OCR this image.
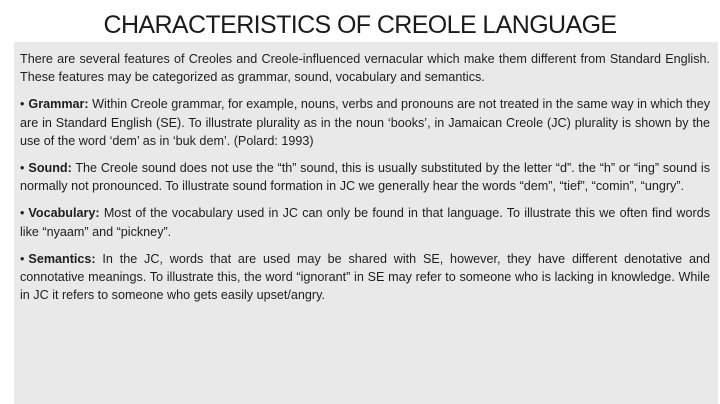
CHARACTERISTICS OF CREOLE LANGUAGE

There are several features of Creoles and Creole-influenced vernacular which make them different from Standard English. These features may be categorized as grammar, sound, vocabulary and semantics.

• Grammar: Within Creole grammar, for example, nouns, verbs and pronouns are not treated in the same way in which they are in Standard English (SE). To illustrate plurality as in the noun ‘books’, in Jamaican Creole (JC) plurality is shown by the use of the word ‘dem’ as in ‘buk dem’. (Polard: 1993)

• Sound: The Creole sound does not use the “th” sound, this is usually substituted by the letter “d”. the “h” or “ing” sound is normally not pronounced. To illustrate sound formation in JC we generally hear the words “dem”, “tief”, “comin”, “ungry”.

• Vocabulary: Most of the vocabulary used in JC can only be found in that language. To illustrate this we often find words like “nyaam” and “pickney”.

• Semantics: In the JC, words that are used may be shared with SE, however, they have different denotative and connotative meanings. To illustrate this, the word “ignorant” in SE may refer to someone who is lacking in knowledge. While in JC it refers to someone who gets easily upset/angry.
